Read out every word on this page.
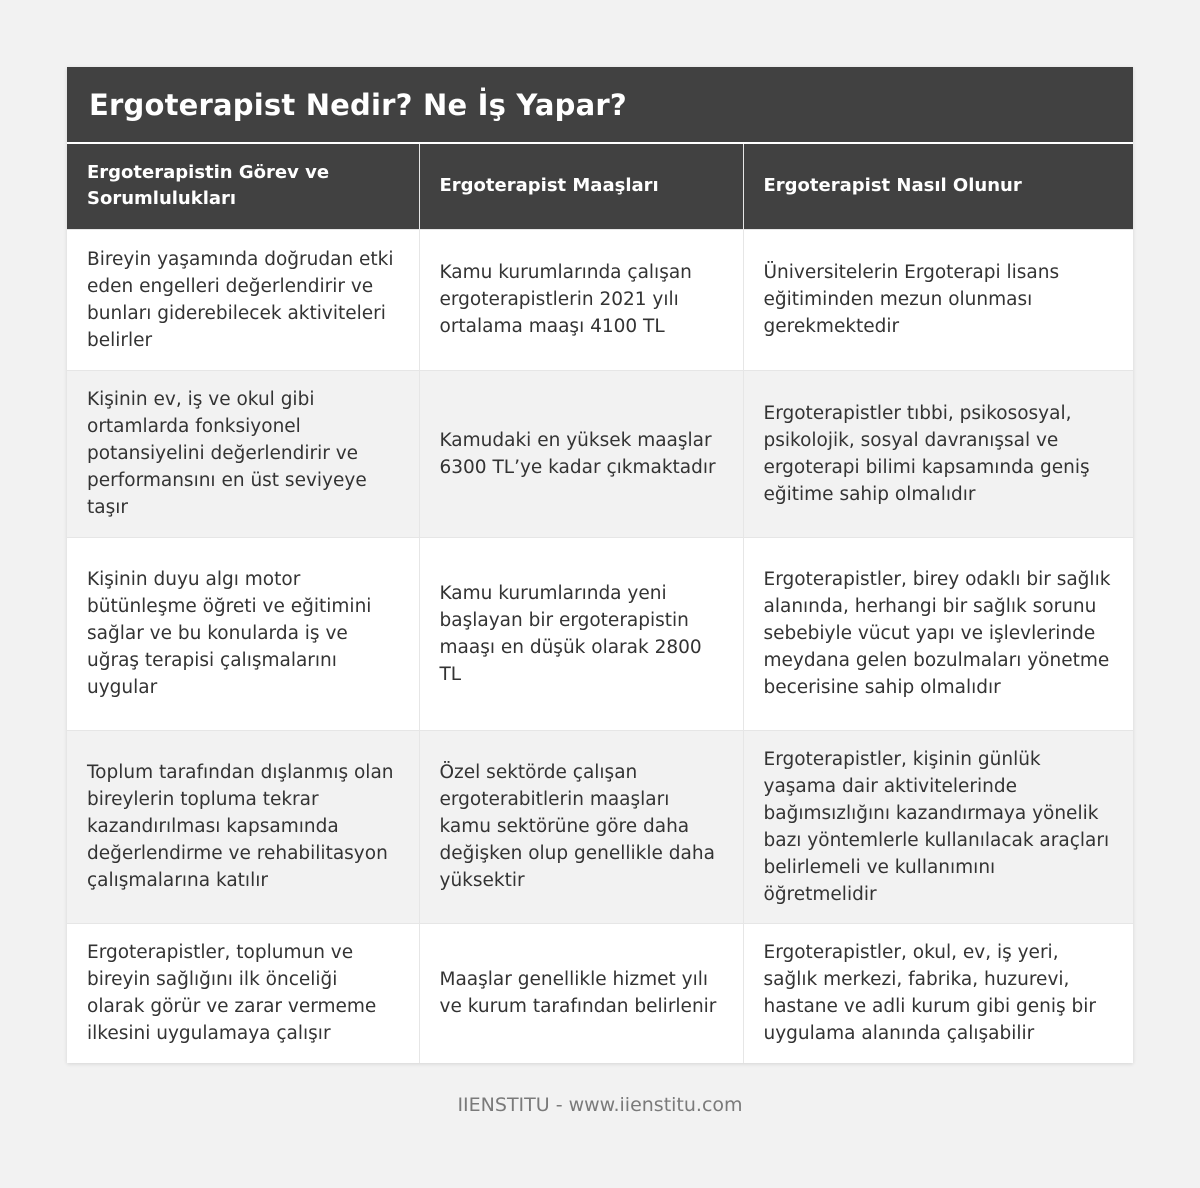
Ergoterapist Nedir? Ne İş Yapar?
Ergoterapistin Görev ve Sorumlulukları	Ergoterapist Maaşları	Ergoterapist Nasıl Olunur
Bireyin yaşamında doğrudan etki eden engelleri değerlendirir ve bunları giderebilecek aktiviteleri belirler	Kamu kurumlarında çalışan ergoterapistlerin 2021 yılı ortalama maaşı 4100 TL	Üniversitelerin Ergoterapi lisans eğitiminden mezun olunması gerekmektedir
Kişinin ev, iş ve okul gibi ortamlarda fonksiyonel potansiyelini değerlendirir ve performansını en üst seviyeye taşır	Kamudaki en yüksek maaşlar 6300 TL’ye kadar çıkmaktadır	Ergoterapistler tıbbi, psikososyal, psikolojik, sosyal davranışsal ve ergoterapi bilimi kapsamında geniş eğitime sahip olmalıdır
Kişinin duyu algı motor bütünleşme öğreti ve eğitimini sağlar ve bu konularda iş ve uğraş terapisi çalışmalarını uygular	Kamu kurumlarında yeni başlayan bir ergoterapistin maaşı en düşük olarak 2800 TL	Ergoterapistler, birey odaklı bir sağlık alanında, herhangi bir sağlık sorunu sebebiyle vücut yapı ve işlevlerinde meydana gelen bozulmaları yönetme becerisine sahip olmalıdır
Toplum tarafından dışlanmış olan bireylerin topluma tekrar kazandırılması kapsamında değerlendirme ve rehabilitasyon çalışmalarına katılır	Özel sektörde çalışan ergoterabitlerin maaşları kamu sektörüne göre daha değişken olup genellikle daha yüksektir	Ergoterapistler, kişinin günlük yaşama dair aktivitelerinde bağımsızlığını kazandırmaya yönelik bazı yöntemlerle kullanılacak araçları belirlemeli ve kullanımını öğretmelidir
Ergoterapistler, toplumun ve bireyin sağlığını ilk önceliği olarak görür ve zarar vermeme ilkesini uygulamaya çalışır	Maaşlar genellikle hizmet yılı ve kurum tarafından belirlenir	Ergoterapistler, okul, ev, iş yeri, sağlık merkezi, fabrika, huzurevi, hastane ve adli kurum gibi geniş bir uygulama alanında çalışabilir
IIENSTITU - www.iienstitu.com
